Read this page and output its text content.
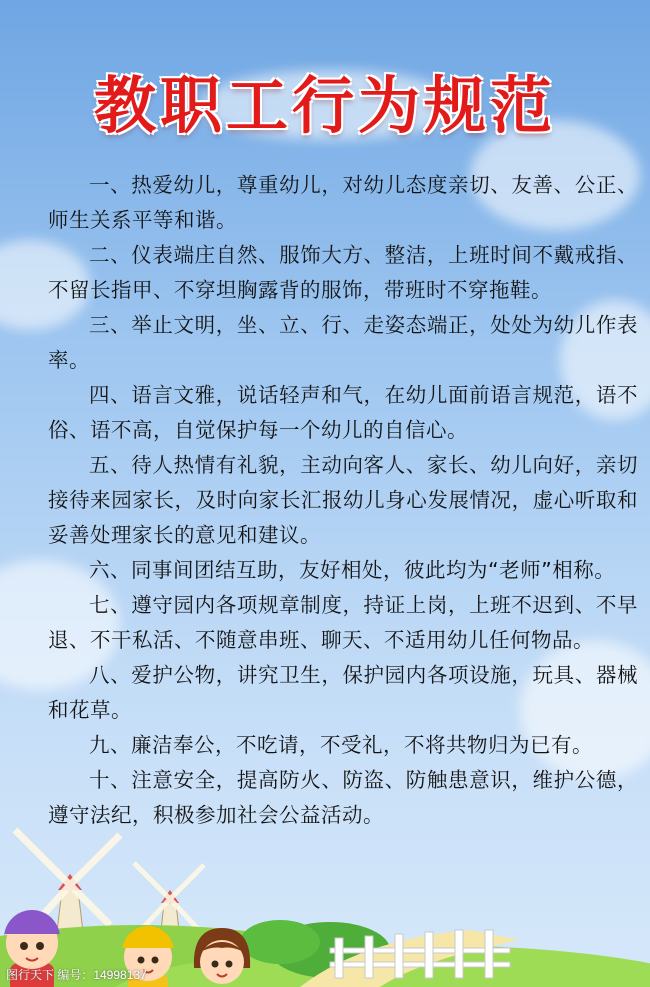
教职工行为规范

一、热爱幼儿，尊重幼儿，对幼儿态度亲切、友善、公正、师生关系平等和谐。

二、仪表端庄自然、服饰大方、整洁，上班时间不戴戒指、不留长指甲、不穿坦胸露背的服饰，带班时不穿拖鞋。

三、举止文明，坐、立、行、走姿态端正，处处为幼儿作表率。

四、语言文雅，说话轻声和气，在幼儿面前语言规范，语不俗、语不高，自觉保护每一个幼儿的自信心。

五、待人热情有礼貌，主动向客人、家长、幼儿向好，亲切接待来园家长，及时向家长汇报幼儿身心发展情况，虚心听取和妥善处理家长的意见和建议。

六、同事间团结互助，友好相处，彼此均为“老师”相称。

七、遵守园内各项规章制度，持证上岗，上班不迟到、不早退、不干私活、不随意串班、聊天、不适用幼儿任何物品。

八、爱护公物，讲究卫生，保护园内各项设施，玩具、器械和花草。

九、廉洁奉公，不吃请，不受礼，不将共物归为已有。

十、注意安全，提高防火、防盗、防触患意识，维护公德，遵守法纪，积极参加社会公益活动。

图行天下 编号：14998137
